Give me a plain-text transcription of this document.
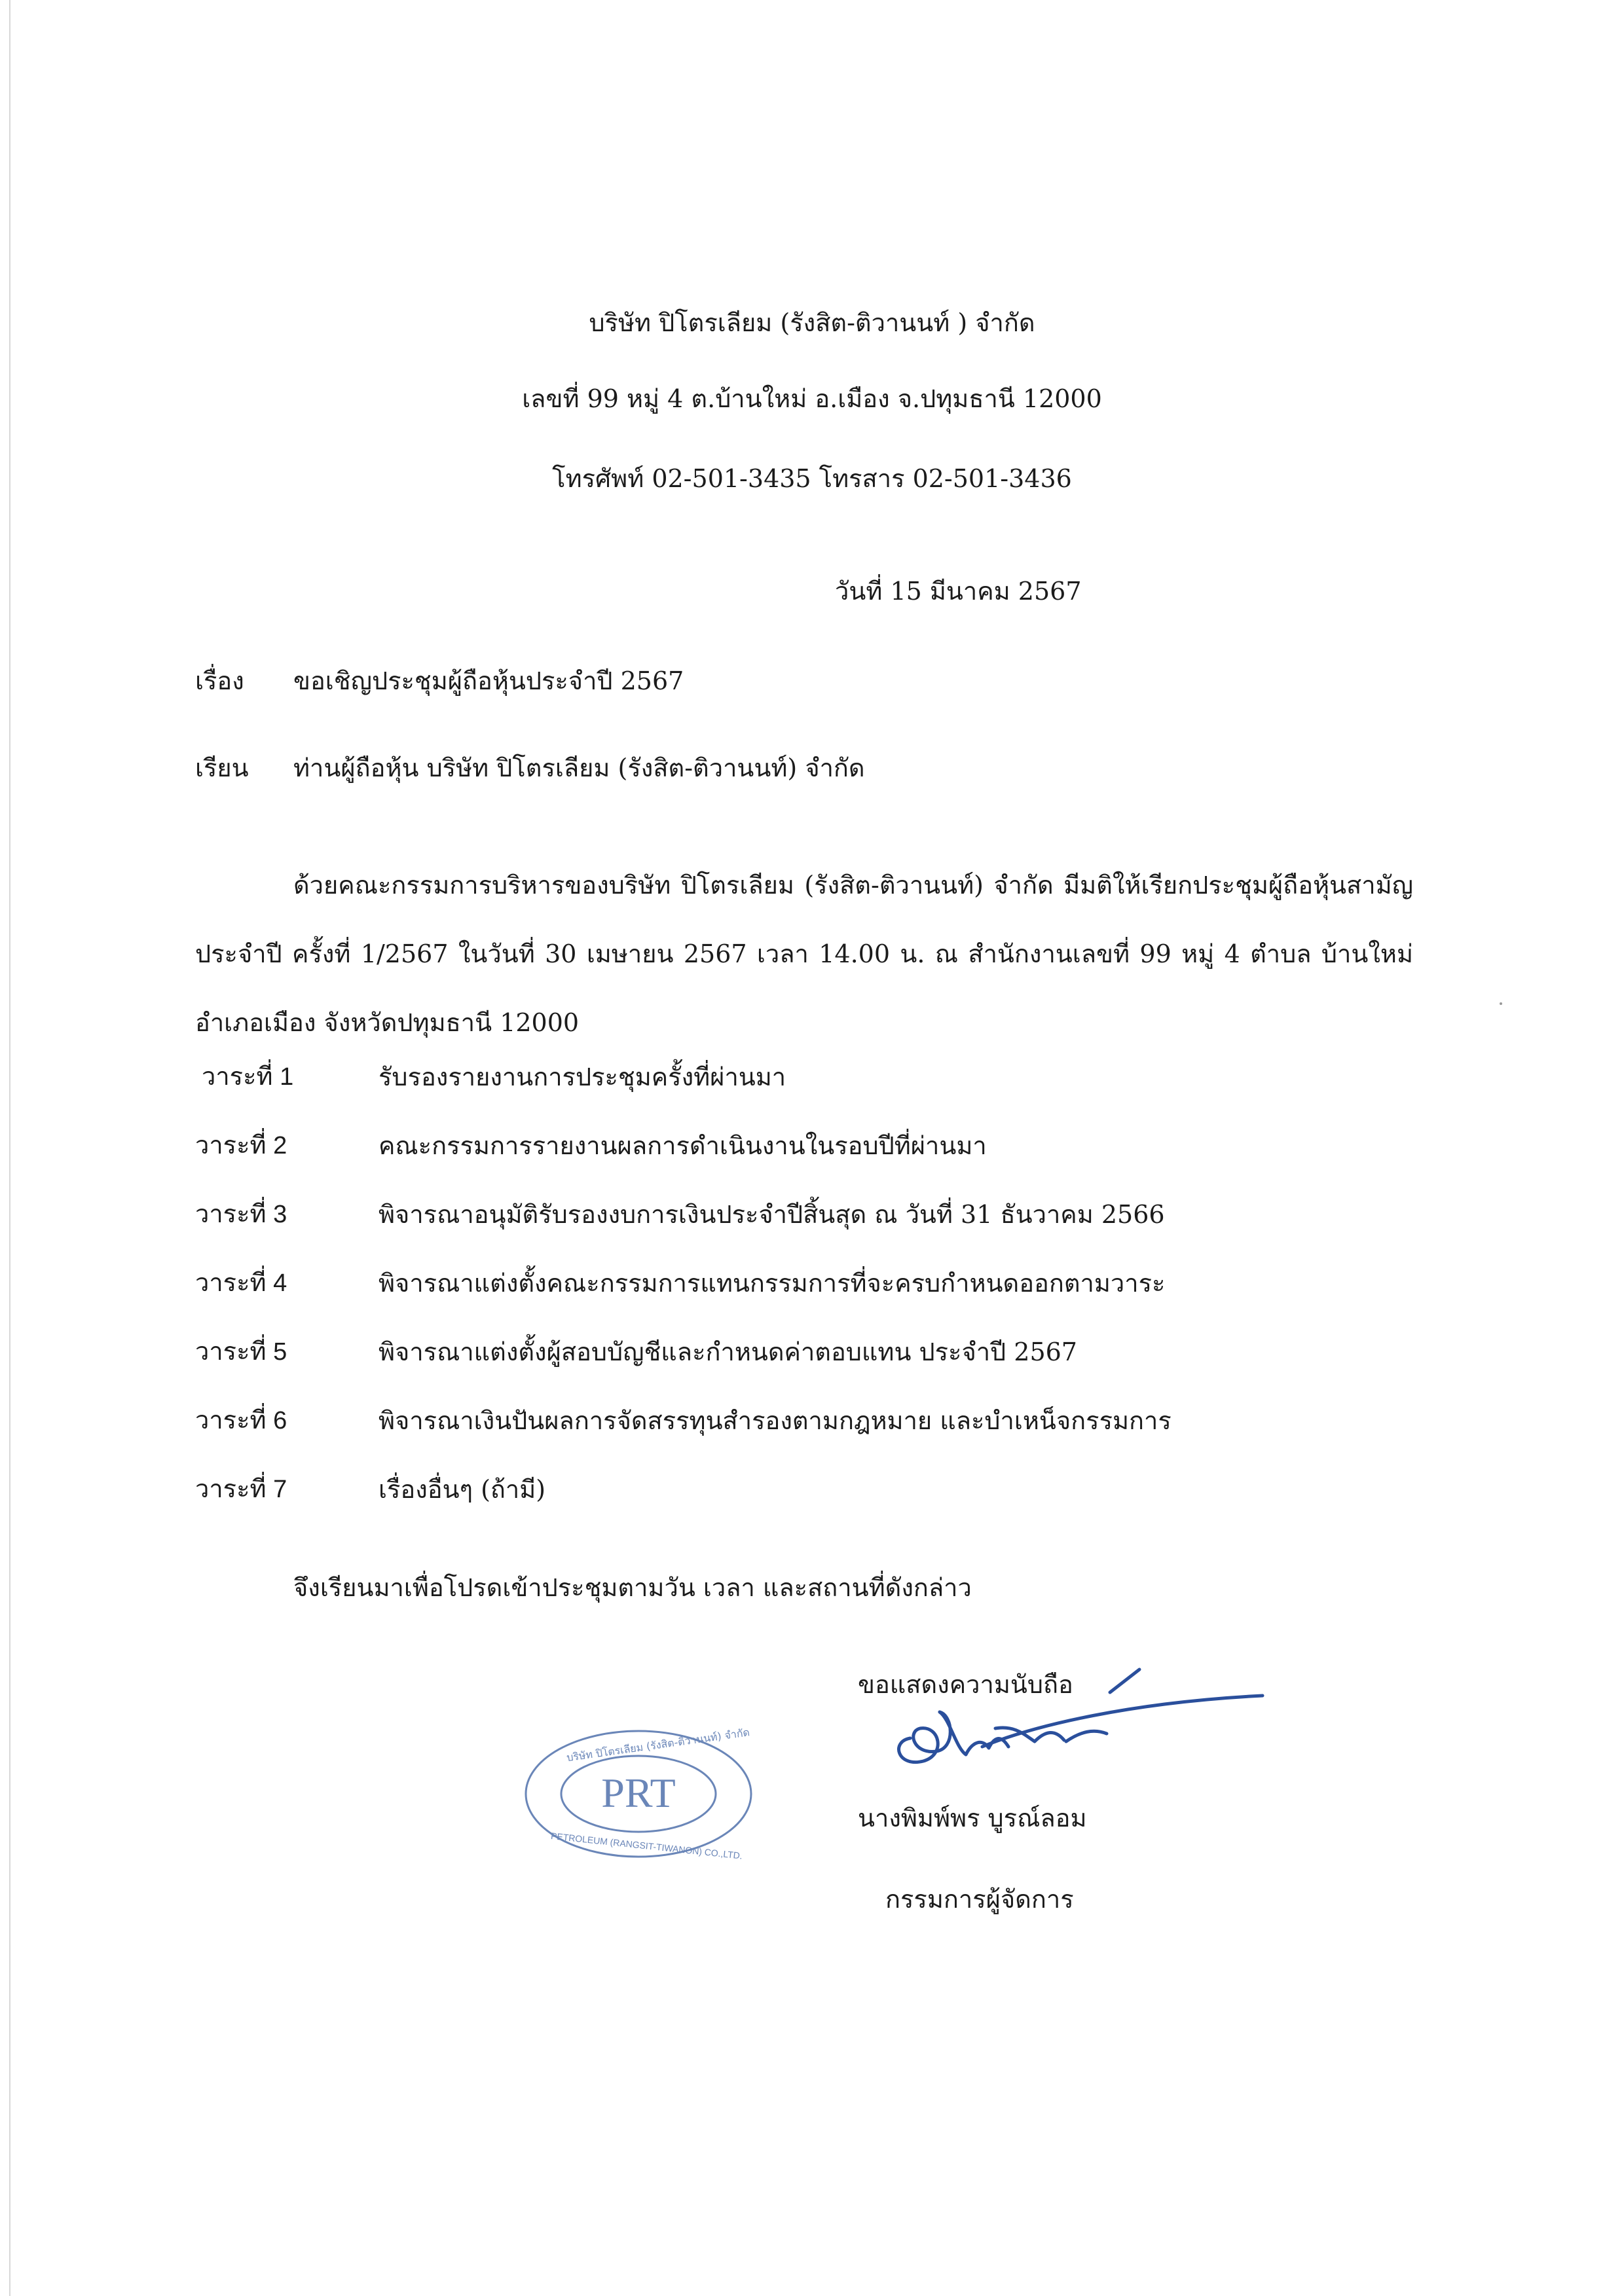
บริษัท ปิโตรเลียม (รังสิต-ติวานนท์ ) จำกัด
เลขที่ 99 หมู่ 4 ต.บ้านใหม่ อ.เมือง จ.ปทุมธานี 12000
โทรศัพท์ 02-501-3435 โทรสาร 02-501-3436
วันที่ 15 มีนาคม 2567
เรื่อง ขอเชิญประชุมผู้ถือหุ้นประจำปี 2567
เรียน ท่านผู้ถือหุ้น บริษัท ปิโตรเลียม (รังสิต-ติวานนท์) จำกัด
ด้วยคณะกรรมการบริหารของบริษัท ปิโตรเลียม (รังสิต-ติวานนท์) จำกัด มีมติให้เรียกประชุมผู้ถือหุ้นสามัญประจำปี ครั้งที่ 1/2567 ในวันที่ 30 เมษายน 2567 เวลา 14.00 น. ณ สำนักงานเลขที่ 99 หมู่ 4 ตำบล บ้านใหม่ อำเภอเมือง จังหวัดปทุมธานี 12000
วาระที่ 1	รับรองรายงานการประชุมครั้งที่ผ่านมา
วาระที่ 2	คณะกรรมการรายงานผลการดำเนินงานในรอบปีที่ผ่านมา
วาระที่ 3	พิจารณาอนุมัติรับรองงบการเงินประจำปีสิ้นสุด ณ วันที่ 31 ธันวาคม 2566
วาระที่ 4	พิจารณาแต่งตั้งคณะกรรมการแทนกรรมการที่จะครบกำหนดออกตามวาระ
วาระที่ 5	พิจารณาแต่งตั้งผู้สอบบัญชีและกำหนดค่าตอบแทน ประจำปี 2567
วาระที่ 6	พิจารณาเงินปันผลการจัดสรรทุนสำรองตามกฎหมาย และบำเหน็จกรรมการ
วาระที่ 7	เรื่องอื่นๆ (ถ้ามี)
จึงเรียนมาเพื่อโปรดเข้าประชุมตามวัน เวลา และสถานที่ดังกล่าว
ขอแสดงความนับถือ
PRT
บริษัท ปิโตรเลียม (รังสิต-ติวานนท์) จำกัด
PETROLEUM (RANGSIT-TIWANON) CO.,LTD.
นางพิมพ์พร บูรณ์ลอม
กรรมการผู้จัดการ
